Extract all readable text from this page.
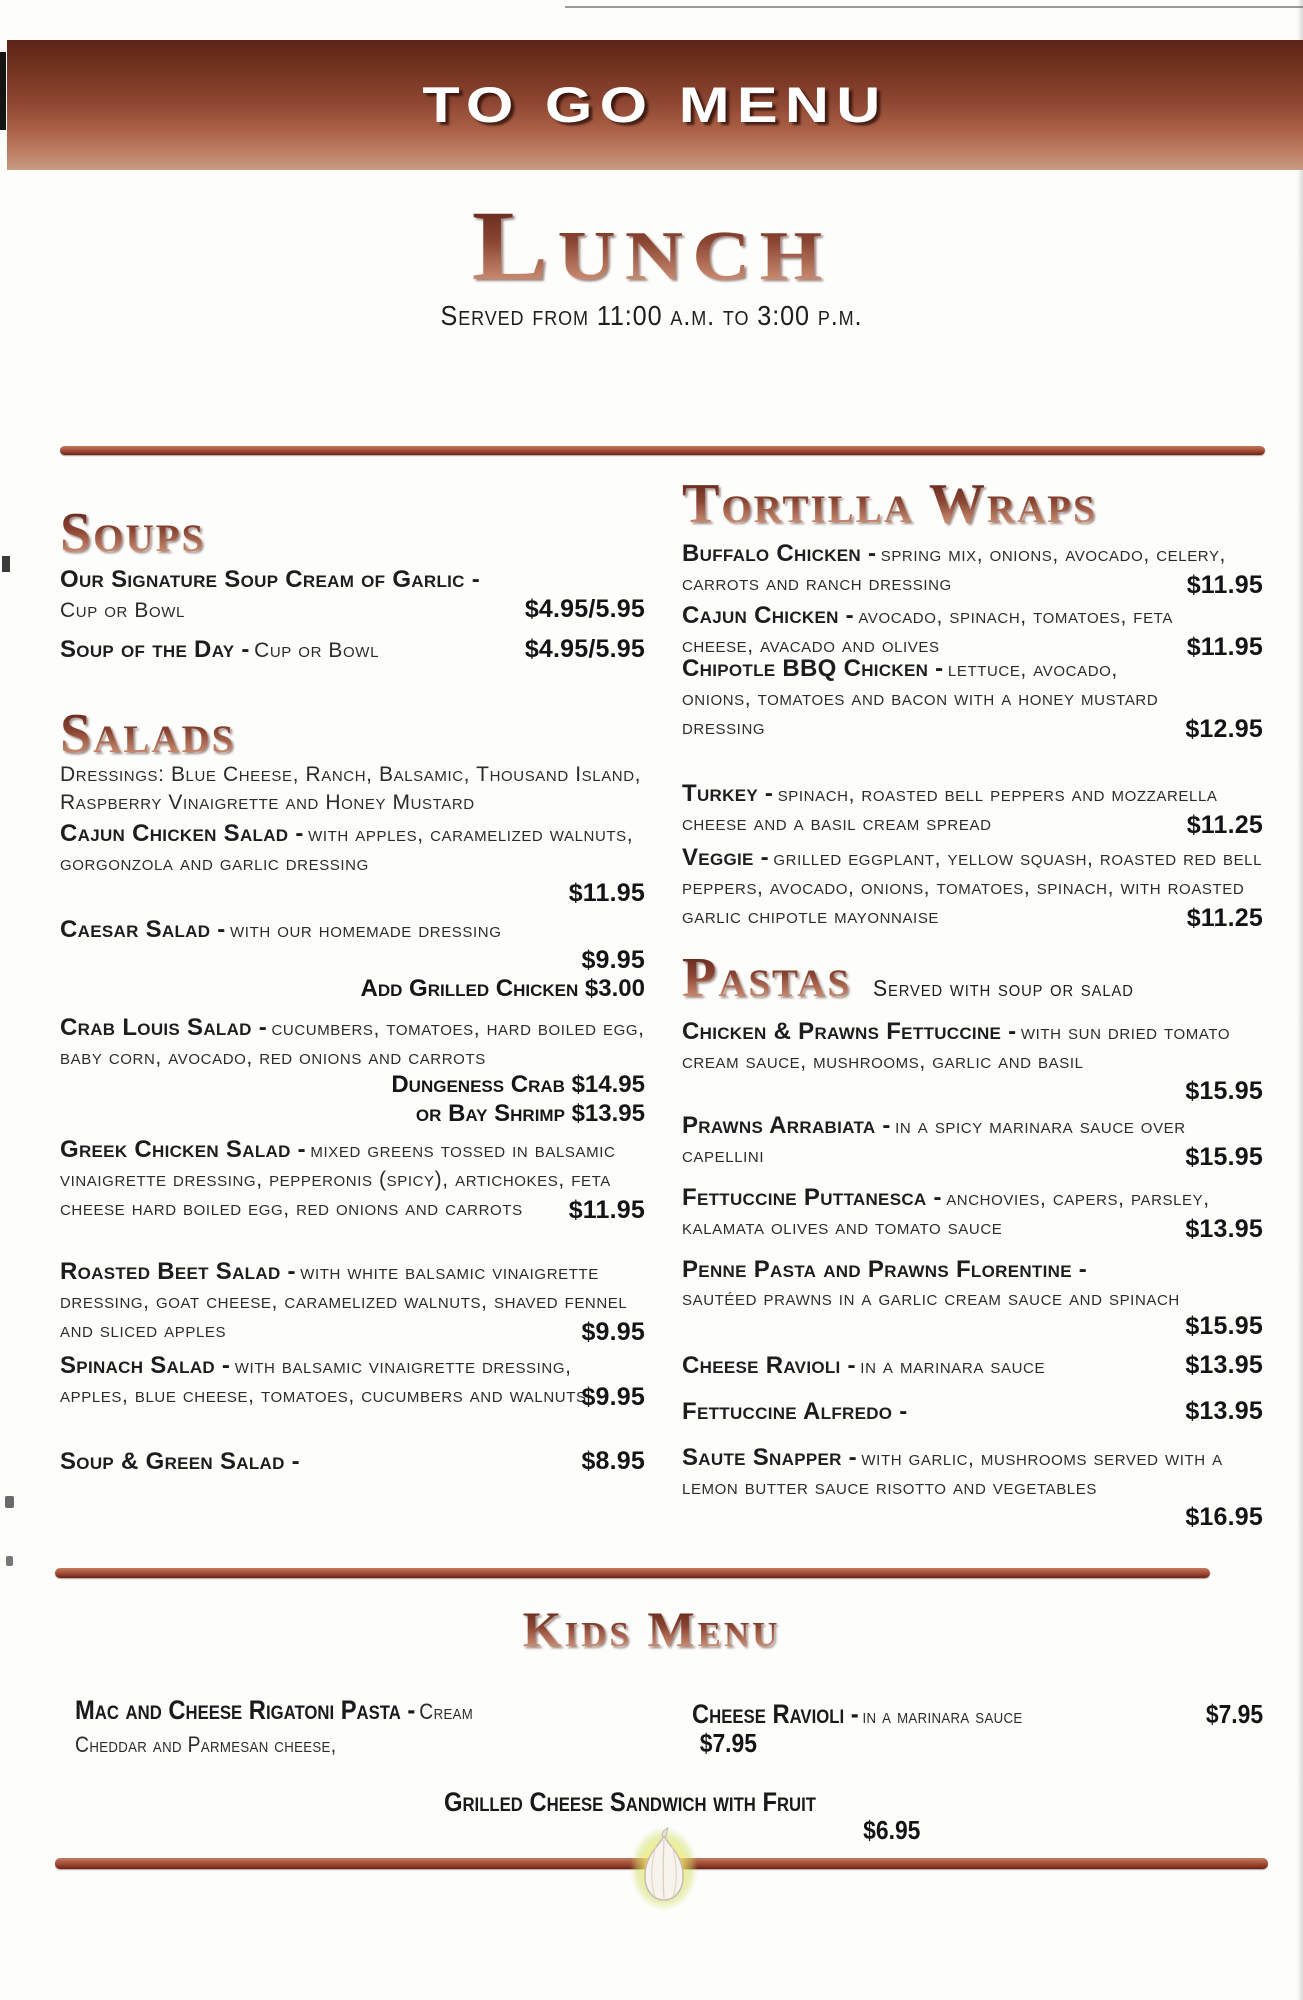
TO GO MENU
Lunch
Served from 11:00 a.m. to 3:00 p.m.
Soups
Our Signature Soup Cream of Garlic -
Cup or Bowl	$4.95/5.95
Soup of the Day - Cup or Bowl	$4.95/5.95
Salads
Dressings: Blue Cheese, Ranch, Balsamic, Thousand Island, Raspberry Vinaigrette and Honey Mustard
Cajun Chicken Salad - with apples, caramelized walnuts, gorgonzola and garlic dressing
$11.95
Caesar Salad - with our homemade dressing
$9.95
Add Grilled Chicken $3.00
Crab Louis Salad - cucumbers, tomatoes, hard boiled egg, baby corn, avocado, red onions and carrots
Dungeness Crab $14.95
or Bay Shrimp $13.95
Greek Chicken Salad - mixed greens tossed in balsamic vinaigrette dressing, pepperonis (spicy), artichokes, feta cheese hard boiled egg, red onions and carrots	$11.95
Roasted Beet Salad - with white balsamic vinaigrette dressing, goat cheese, caramelized walnuts, shaved fennel and sliced apples	$9.95
Spinach Salad - with balsamic vinaigrette dressing, apples, blue cheese, tomatoes, cucumbers and walnuts
$9.95
Soup & Green Salad -	$8.95
Tortilla Wraps
Buffalo Chicken - spring mix, onions, avocado, celery, carrots and ranch dressing	$11.95
Cajun Chicken - avocado, spinach, tomatoes, feta cheese, avacado and olives	$11.95
Chipotle BBQ Chicken - lettuce, avocado, onions, tomatoes and bacon with a honey mustard dressing	$12.95
Turkey - spinach, roasted bell peppers and mozzarella cheese and a basil cream spread	$11.25
Veggie - grilled eggplant, yellow squash, roasted red bell peppers, avocado, onions, tomatoes, spinach, with roasted garlic chipotle mayonnaise	$11.25
Pastas Served with soup or salad
Chicken & Prawns Fettuccine - with sun dried tomato cream sauce, mushrooms, garlic and basil
$15.95
Prawns Arrabiata - in a spicy marinara sauce over capellini	$15.95
Fettuccine Puttanesca - anchovies, capers, parsley, kalamata olives and tomato sauce	$13.95
Penne Pasta and Prawns Florentine -
sautéed prawns in a garlic cream sauce and spinach
$15.95
Cheese Ravioli - in a marinara sauce	$13.95
Fettuccine Alfredo -	$13.95
Saute Snapper - with garlic, mushrooms served with a lemon butter sauce risotto and vegetables
$16.95
Kids Menu
Mac and Cheese Rigatoni Pasta - Cream
Cheddar and Parmesan cheese,	$7.95
Cheese Ravioli - in a marinara sauce	$7.95
Grilled Cheese Sandwich with Fruit
$6.95
